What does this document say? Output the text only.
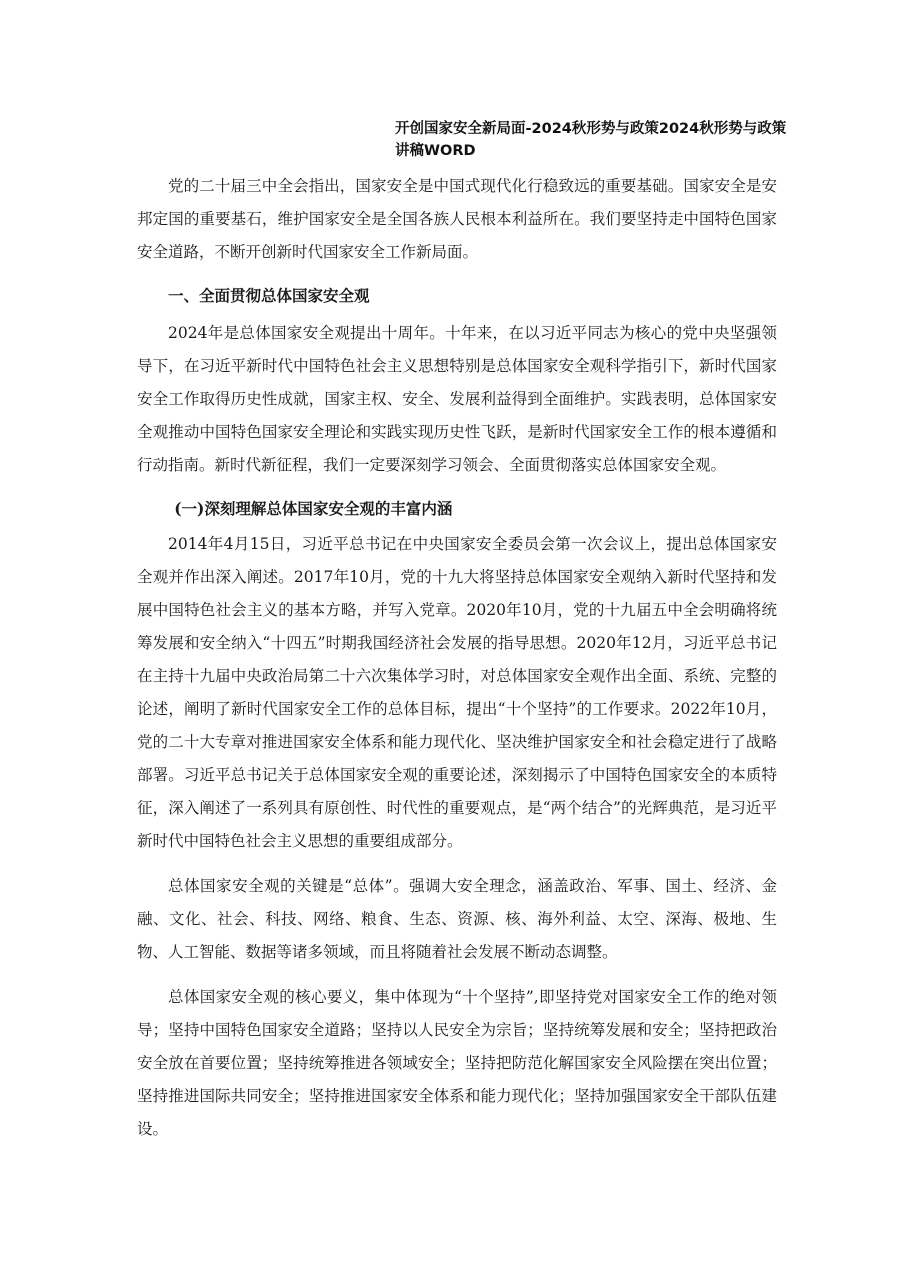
开创国家安全新局面-2024秋形势与政策2024秋形势与政策讲稿WORD

党的二十届三中全会指出，国家安全是中国式现代化行稳致远的重要基础。国家安全是安邦定国的重要基石，维护国家安全是全国各族人民根本利益所在。我们要坚持走中国特色国家安全道路，不断开创新时代国家安全工作新局面。

一、全面贯彻总体国家安全观

2024年是总体国家安全观提出十周年。十年来，在以习近平同志为核心的党中央坚强领导下，在习近平新时代中国特色社会主义思想特别是总体国家安全观科学指引下，新时代国家安全工作取得历史性成就，国家主权、安全、发展利益得到全面维护。实践表明，总体国家安全观推动中国特色国家安全理论和实践实现历史性飞跃，是新时代国家安全工作的根本遵循和行动指南。新时代新征程，我们一定要深刻学习领会、全面贯彻落实总体国家安全观。

(一)深刻理解总体国家安全观的丰富内涵

2014年4月15日，习近平总书记在中央国家安全委员会第一次会议上，提出总体国家安全观并作出深入阐述。2017年10月，党的十九大将坚持总体国家安全观纳入新时代坚持和发展中国特色社会主义的基本方略，并写入党章。2020年10月，党的十九届五中全会明确将统筹发展和安全纳入“十四五”时期我国经济社会发展的指导思想。2020年12月，习近平总书记在主持十九届中央政治局第二十六次集体学习时，对总体国家安全观作出全面、系统、完整的论述，阐明了新时代国家安全工作的总体目标，提出“十个坚持”的工作要求。2022年10月，党的二十大专章对推进国家安全体系和能力现代化、坚决维护国家安全和社会稳定进行了战略部署。习近平总书记关于总体国家安全观的重要论述，深刻揭示了中国特色国家安全的本质特征，深入阐述了一系列具有原创性、时代性的重要观点，是“两个结合”的光辉典范，是习近平新时代中国特色社会主义思想的重要组成部分。

总体国家安全观的关键是“总体”。强调大安全理念，涵盖政治、军事、国土、经济、金融、文化、社会、科技、网络、粮食、生态、资源、核、海外利益、太空、深海、极地、生物、人工智能、数据等诸多领域，而且将随着社会发展不断动态调整。

总体国家安全观的核心要义，集中体现为“十个坚持”,即坚持党对国家安全工作的绝对领导；坚持中国特色国家安全道路；坚持以人民安全为宗旨；坚持统筹发展和安全；坚持把政治安全放在首要位置；坚持统筹推进各领域安全；坚持把防范化解国家安全风险摆在突出位置；坚持推进国际共同安全；坚持推进国家安全体系和能力现代化；坚持加强国家安全干部队伍建设。
